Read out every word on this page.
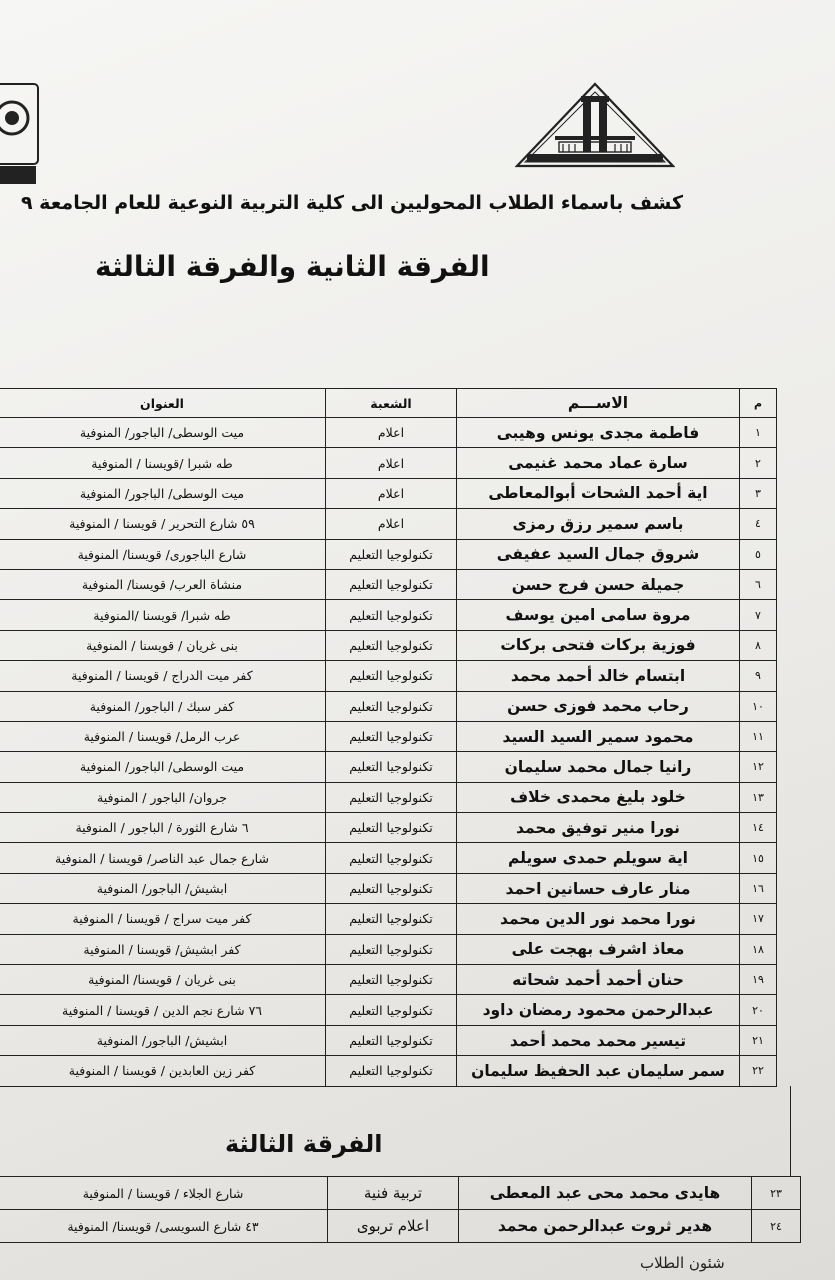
كشف باسماء الطلاب المحوليين الى كلية التربية النوعية للعام الجامعة ٩
الفرقة الثانية والفرقة الثالثة
العنوان	الشعبة	الاســـم	م
ميت الوسطى/ الباجور/ المنوفية	اعلام	فاطمة مجدى يونس وهيبى	١
طه شبرا /قويسنا / المنوفية	اعلام	سارة عماد محمد غنيمى	٢
ميت الوسطى/ الباجور/ المنوفية	اعلام	اية أحمد الشحات أبوالمعاطى	٣
٥٩ شارع التحرير / قويسنا / المنوفية	اعلام	باسم سمير رزق رمزى	٤
شارع الباجورى/ قويسنا/ المنوفية	تكنولوجيا التعليم	شروق جمال السيد عفيفى	٥
منشاة العرب/ قويسنا/ المنوفية	تكنولوجيا التعليم	جميلة حسن فرج حسن	٦
طه شبرا/ قويسنا /المنوفية	تكنولوجيا التعليم	مروة سامى امين يوسف	٧
بنى غريان / قويسنا / المنوفية	تكنولوجيا التعليم	فوزية بركات فتحى بركات	٨
كفر ميت الدراج / قويسنا / المنوفية	تكنولوجيا التعليم	ابتسام خالد أحمد محمد	٩
كفر سبك / الباجور/ المنوفية	تكنولوجيا التعليم	رحاب محمد فوزى حسن	١٠
عرب الرمل/ قويسنا / المنوفية	تكنولوجيا التعليم	محمود سمير السيد السيد	١١
ميت الوسطى/ الباجور/ المنوفية	تكنولوجيا التعليم	رانيا جمال محمد سليمان	١٢
جروان/ الباجور / المنوفية	تكنولوجيا التعليم	خلود بليغ محمدى خلاف	١٣
٦ شارع الثورة / الباجور / المنوفية	تكنولوجيا التعليم	نورا منير توفيق محمد	١٤
شارع جمال عبد الناصر/ قويسنا / المنوفية	تكنولوجيا التعليم	اية سويلم حمدى سويلم	١٥
ابشيش/ الباجور/ المنوفية	تكنولوجيا التعليم	منار عارف حسانين احمد	١٦
كفر ميت سراج / قويسنا / المنوفية	تكنولوجيا التعليم	نورا محمد نور الدين محمد	١٧
كفر ابشيش/ قويسنا / المنوفية	تكنولوجيا التعليم	معاذ اشرف بهجت على	١٨
بنى غريان / قويسنا/ المنوفية	تكنولوجيا التعليم	حنان أحمد أحمد شحاته	١٩
٧٦ شارع نجم الدين / قويسنا / المنوفية	تكنولوجيا التعليم	عبدالرحمن محمود رمضان داود	٢٠
ابشيش/ الباجور/ المنوفية	تكنولوجيا التعليم	تيسير محمد محمد أحمد	٢١
كفر زين العابدين / قويسنا / المنوفية	تكنولوجيا التعليم	سمر سليمان عبد الحفيظ سليمان	٢٢
الفرقة الثالثة
شارع الجلاء / قويسنا / المنوفية	تربية فنية	هايدى محمد محى عبد المعطى	٢٣
٤٣ شارع السويسى/ قويسنا/ المنوفية	اعلام تربوى	هدير ثروت عبدالرحمن محمد	٢٤
شئون الطلاب
